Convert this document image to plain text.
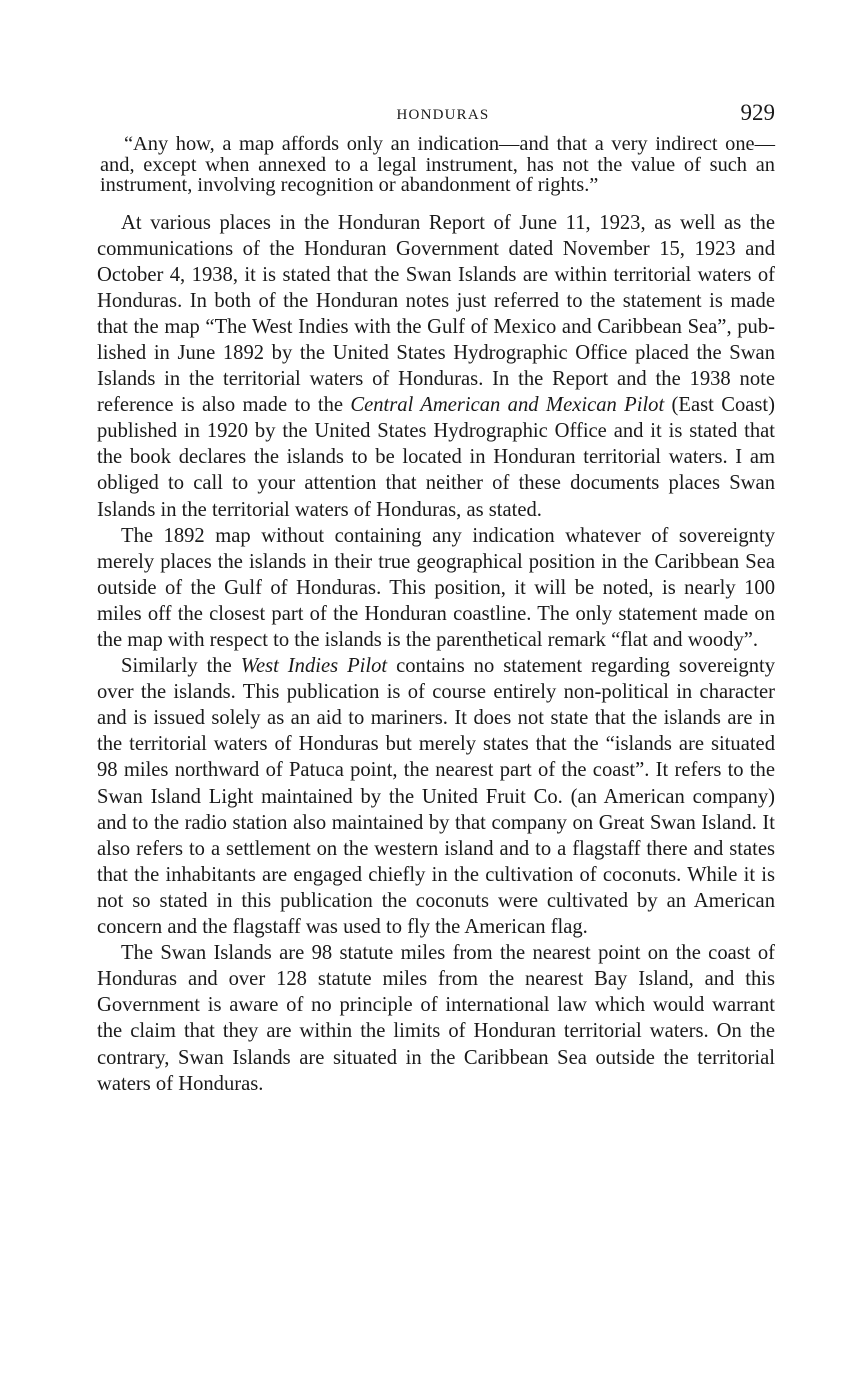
HONDURAS	929

“Any how, a map affords only an indication—and that a very indirect one—and, except when annexed to a legal instrument, has not the value of such an instrument, involving recognition or abandonment of rights.”

At various places in the Honduran Report of June 11, 1923, as well as the communications of the Honduran Government dated November 15, 1923 and October 4, 1938, it is stated that the Swan Islands are within territorial waters of Honduras. In both of the Honduran notes just referred to the statement is made that the map “The West Indies with the Gulf of Mexico and Caribbean Sea”, published in June 1892 by the United States Hydrographic Office placed the Swan Islands in the territorial waters of Honduras. In the Report and the 1938 note reference is also made to the Central American and Mexican Pilot (East Coast) published in 1920 by the United States Hydrographic Office and it is stated that the book declares the islands to be located in Honduran territorial waters. I am obliged to call to your attention that neither of these documents places Swan Islands in the territorial waters of Honduras, as stated.

The 1892 map without containing any indication whatever of sovereignty merely places the islands in their true geographical position in the Caribbean Sea outside of the Gulf of Honduras. This position, it will be noted, is nearly 100 miles off the closest part of the Honduran coastline. The only statement made on the map with respect to the islands is the parenthetical remark “flat and woody”.

Similarly the West Indies Pilot contains no statement regarding sovereignty over the islands. This publication is of course entirely non-political in character and is issued solely as an aid to mariners. It does not state that the islands are in the territorial waters of Honduras but merely states that the “islands are situated 98 miles northward of Patuca point, the nearest part of the coast”. It refers to the Swan Island Light maintained by the United Fruit Co. (an American company) and to the radio station also maintained by that company on Great Swan Island. It also refers to a settlement on the western island and to a flagstaff there and states that the inhabitants are engaged chiefly in the cultivation of coconuts. While it is not so stated in this publication the coconuts were cultivated by an American concern and the flagstaff was used to fly the American flag.

The Swan Islands are 98 statute miles from the nearest point on the coast of Honduras and over 128 statute miles from the nearest Bay Island, and this Government is aware of no principle of international law which would warrant the claim that they are within the limits of Honduran territorial waters. On the contrary, Swan Islands are situated in the Caribbean Sea outside the territorial waters of Honduras.
